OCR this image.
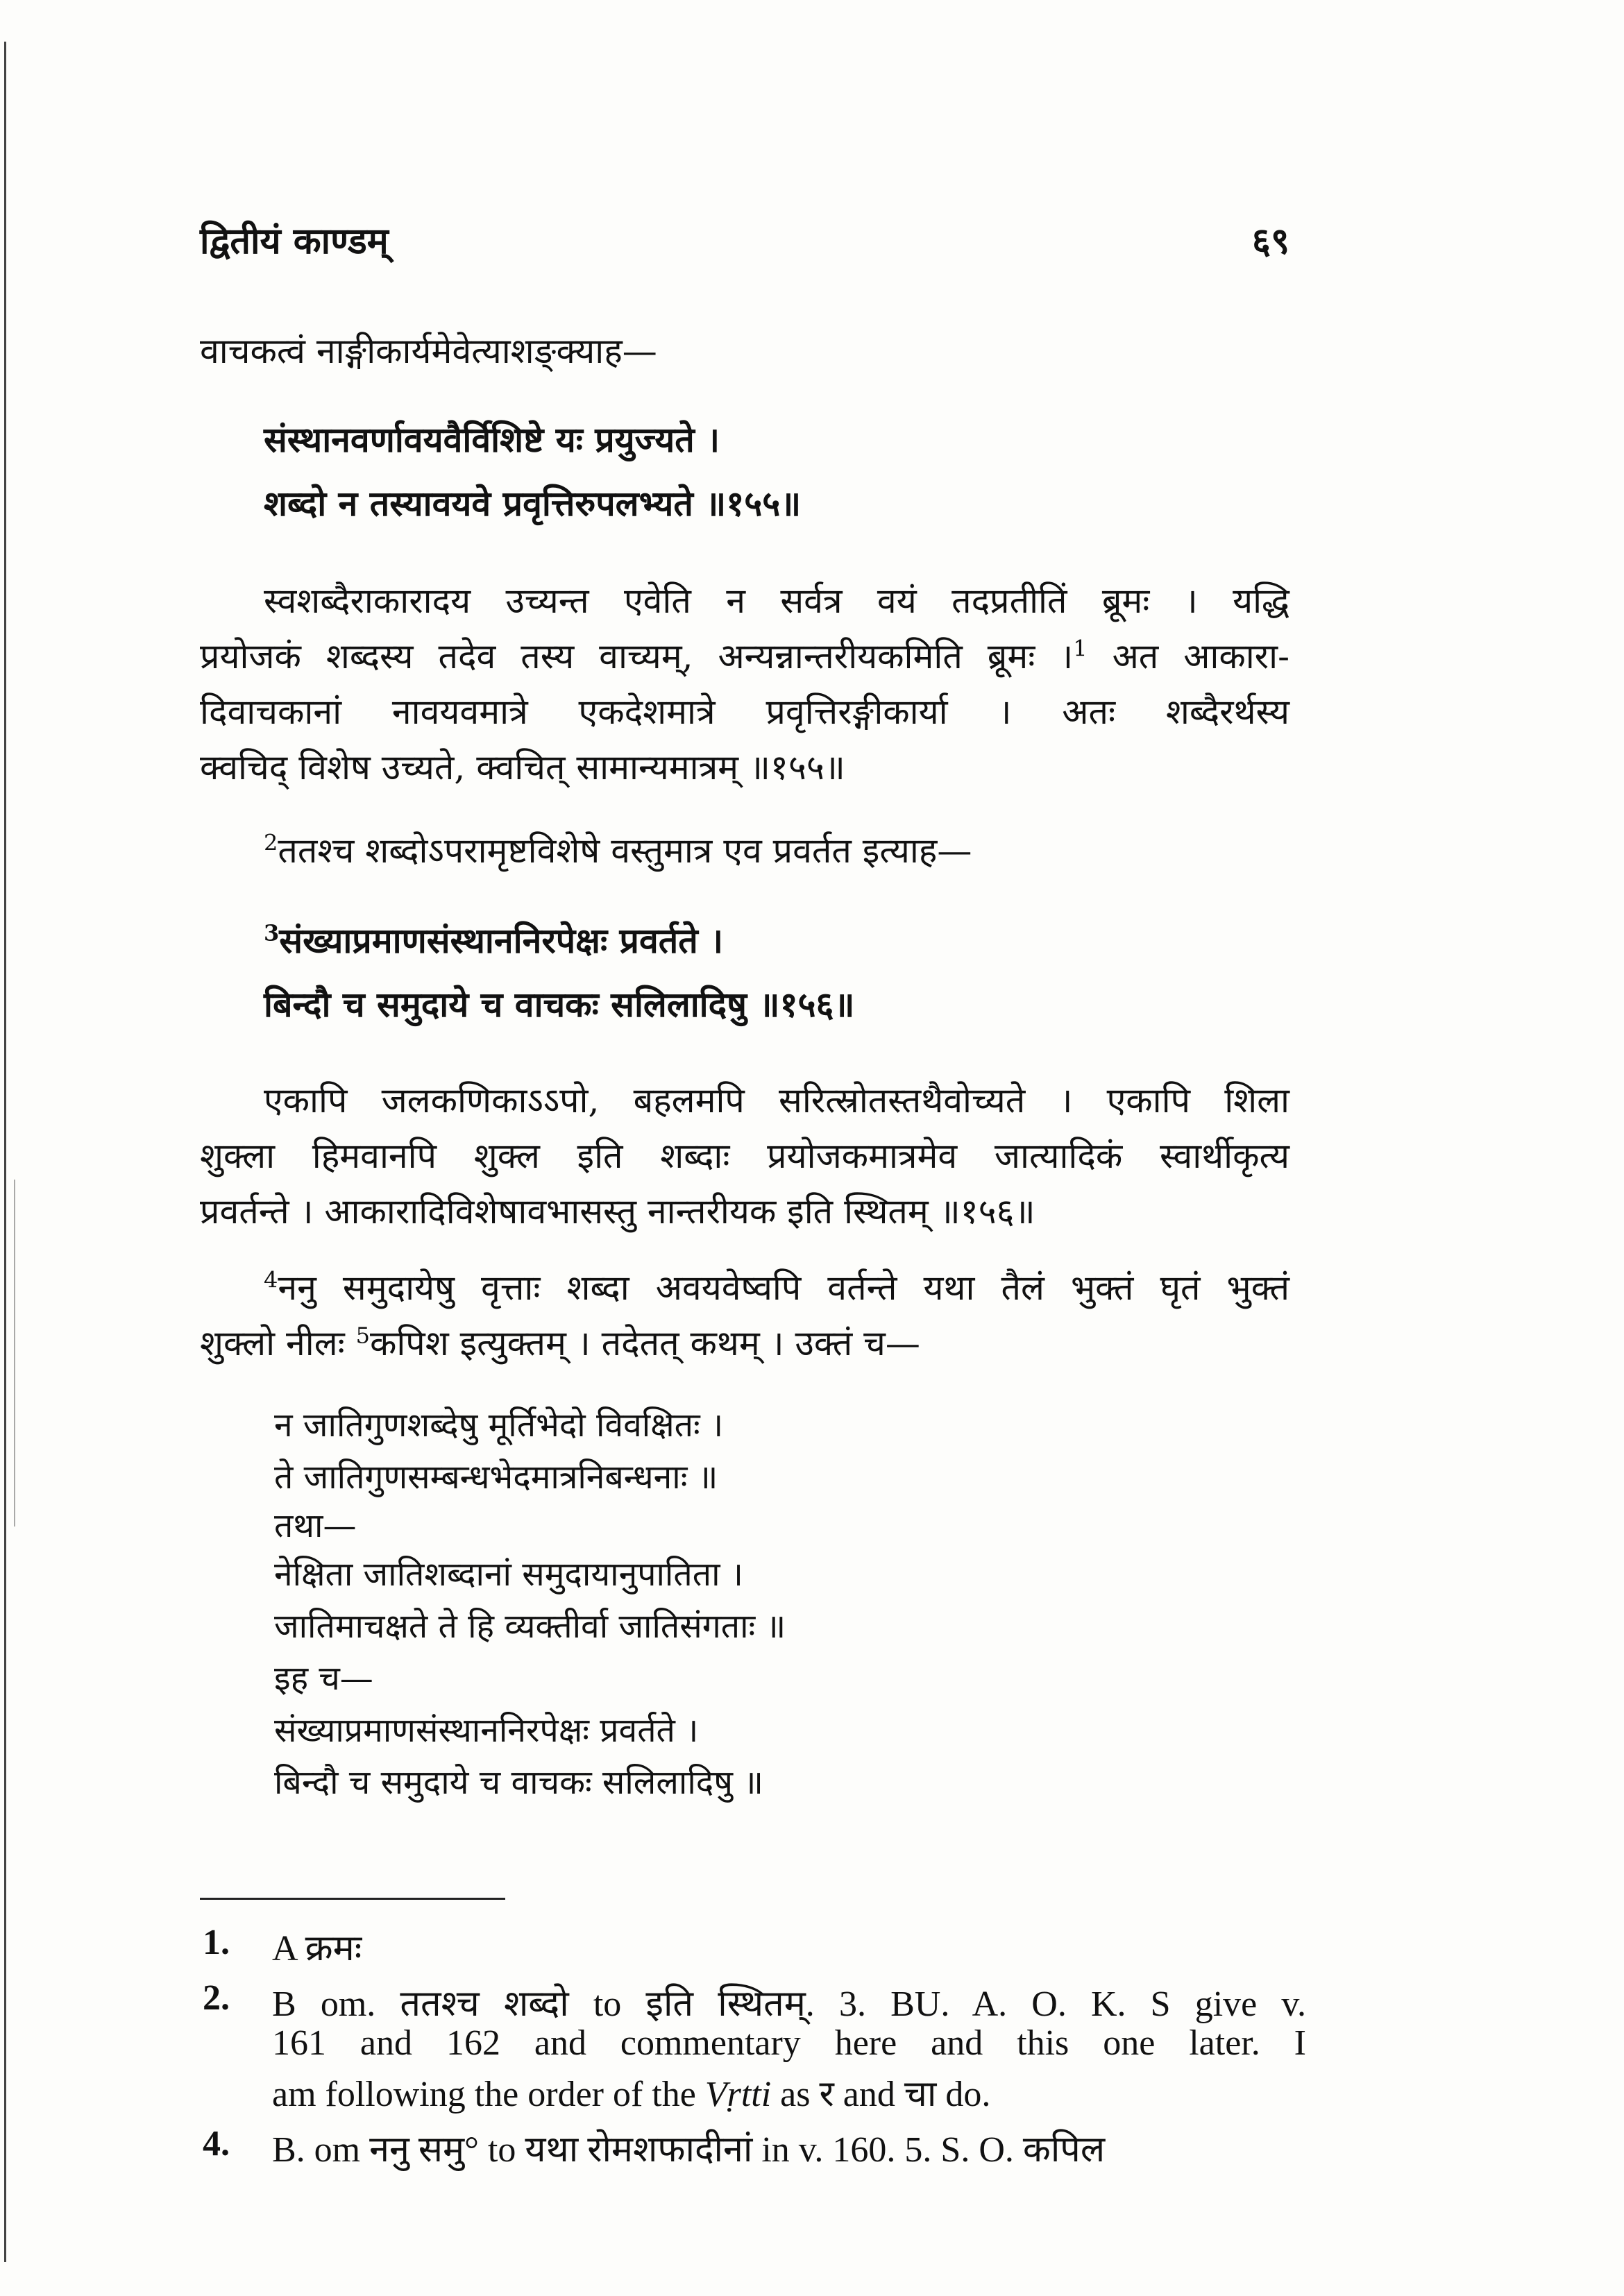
द्वितीयं काण्डम्	६९
वाचकत्वं नाङ्गीकार्यमेवेत्याशङ्क्याह—
संस्थानवर्णावयवैर्विशिष्टे यः प्रयुज्यते ।
शब्दो न तस्यावयवे प्रवृत्तिरुपलभ्यते ॥१५५॥
स्वशब्दैराकारादय उच्यन्त एवेति न सर्वत्र वयं तदप्रतीतिं ब्रूमः । यद्धि
प्रयोजकं शब्दस्य तदेव तस्य वाच्यम्, अन्यन्नान्तरीयकमिति ब्रूमः ।$^1$ अत आकारा-
दिवाचकानां नावयवमात्रे एकदेशमात्रे प्रवृत्तिरङ्गीकार्या । अतः शब्दैरर्थस्य
क्वचिद् विशेष उच्यते, क्वचित् सामान्यमात्रम् ॥१५५॥
$^2$ततश्च शब्दोऽपरामृष्टविशेषे वस्तुमात्र एव प्रवर्तत इत्याह—
$^3$संख्याप्रमाणसंस्थाननिरपेक्षः प्रवर्तते ।
बिन्दौ च समुदाये च वाचकः सलिलादिषु ॥१५६॥
एकापि जलकणिकाऽऽपो, बहलमपि सरित्स्रोतस्तथैवोच्यते । एकापि शिला
शुक्ला हिमवानपि शुक्ल इति शब्दाः प्रयोजकमात्रमेव जात्यादिकं स्वार्थीकृत्य
प्रवर्तन्ते । आकारादिविशेषावभासस्तु नान्तरीयक इति स्थितम् ॥१५६॥
$^4$ननु समुदायेषु वृत्ताः शब्दा अवयवेष्वपि वर्तन्ते यथा तैलं भुक्तं घृतं भुक्तं
शुक्लो नीलः $^5$कपिश इत्युक्तम् । तदेतत् कथम् । उक्तं च—
न जातिगुणशब्देषु मूर्तिभेदो विवक्षितः ।
ते जातिगुणसम्बन्धभेदमात्रनिबन्धनाः ॥
तथा—
नेक्षिता जातिशब्दानां समुदायानुपातिता ।
जातिमाचक्षते ते हि व्यक्तीर्वा जातिसंगताः ॥
इह च—
संख्याप्रमाणसंस्थाननिरपेक्षः प्रवर्तते ।
बिन्दौ च समुदाये च वाचकः सलिलादिषु ॥
1. A क्रमः
2. B om. ततश्च शब्दो to इति स्थितम्. 3. BU. A. O. K. S give v.
161 and 162 and commentary here and this one later. I
am following the order of the Vṛtti as र and चा do.
4. B. om ननु समु° to यथा रोमशफादीनां in v. 160. 5. S. O. कपिल
